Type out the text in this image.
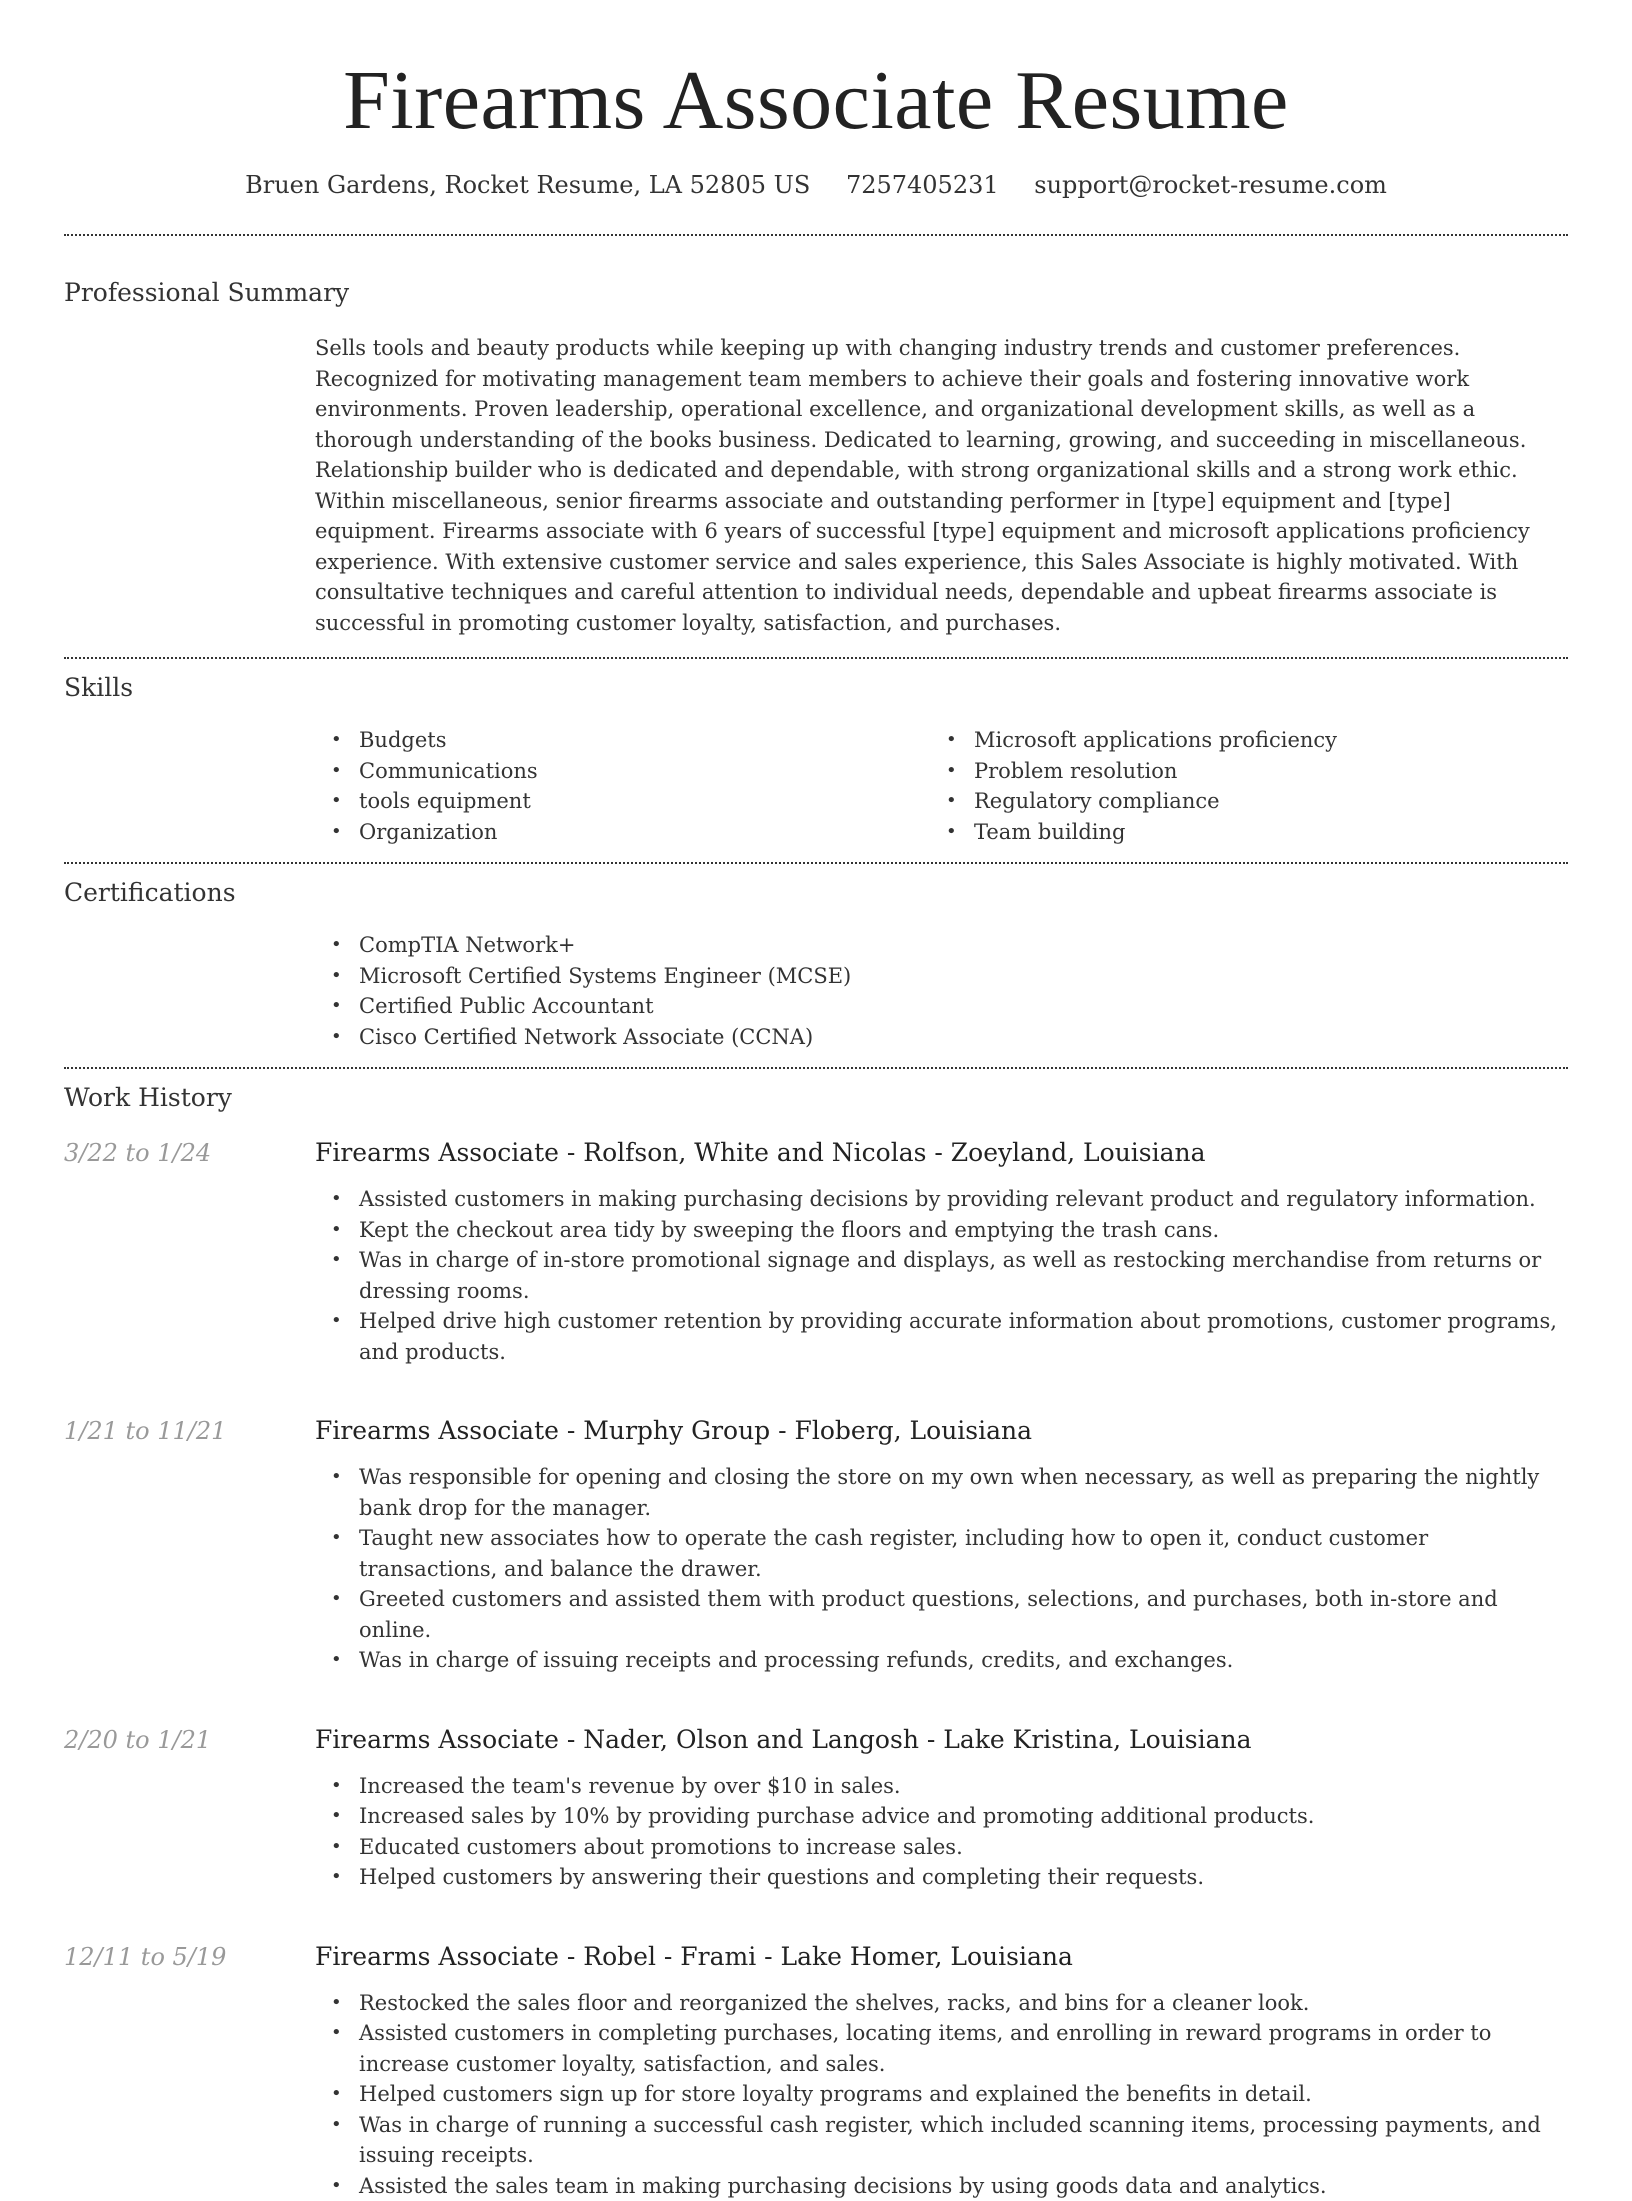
Firearms Associate Resume
Bruen Gardens, Rocket Resume, LA 52805 US 7257405231 support@rocket-resume.com
Professional Summary

Sells tools and beauty products while keeping up with changing industry trends and customer preferences. Recognized for motivating management team members to achieve their goals and fostering innovative work environments. Proven leadership, operational excellence, and organizational development skills, as well as a thorough understanding of the books business. Dedicated to learning, growing, and succeeding in miscellaneous. Relationship builder who is dedicated and dependable, with strong organizational skills and a strong work ethic. Within miscellaneous, senior firearms associate and outstanding performer in [type] equipment and [type] equipment. Firearms associate with 6 years of successful [type] equipment and microsoft applications proficiency experience. With extensive customer service and sales experience, this Sales Associate is highly motivated. With consultative techniques and careful attention to individual needs, dependable and upbeat firearms associate is successful in promoting customer loyalty, satisfaction, and purchases.

Skills
• Budgets
• Communications
• tools equipment
• Organization
• Microsoft applications proficiency
• Problem resolution
• Regulatory compliance
• Team building
Certifications
• CompTIA Network+
• Microsoft Certified Systems Engineer (MCSE)
• Certified Public Accountant
• Cisco Certified Network Associate (CCNA)
Work History
3/22 to 1/24	Firearms Associate - Rolfson, White and Nicolas - Zoeyland, Louisiana
• Assisted customers in making purchasing decisions by providing relevant product and regulatory information.
• Kept the checkout area tidy by sweeping the floors and emptying the trash cans.
• Was in charge of in-store promotional signage and displays, as well as restocking merchandise from returns or dressing rooms.
• Helped drive high customer retention by providing accurate information about promotions, customer programs, and products.
1/21 to 11/21	Firearms Associate - Murphy Group - Floberg, Louisiana
• Was responsible for opening and closing the store on my own when necessary, as well as preparing the nightly bank drop for the manager.
• Taught new associates how to operate the cash register, including how to open it, conduct customer transactions, and balance the drawer.
• Greeted customers and assisted them with product questions, selections, and purchases, both in-store and online.
• Was in charge of issuing receipts and processing refunds, credits, and exchanges.
2/20 to 1/21	Firearms Associate - Nader, Olson and Langosh - Lake Kristina, Louisiana
• Increased the team's revenue by over $10 in sales.
• Increased sales by 10% by providing purchase advice and promoting additional products.
• Educated customers about promotions to increase sales.
• Helped customers by answering their questions and completing their requests.
12/11 to 5/19	Firearms Associate - Robel - Frami - Lake Homer, Louisiana
• Restocked the sales floor and reorganized the shelves, racks, and bins for a cleaner look.
• Assisted customers in completing purchases, locating items, and enrolling in reward programs in order to increase customer loyalty, satisfaction, and sales.
• Helped customers sign up for store loyalty programs and explained the benefits in detail.
• Was in charge of running a successful cash register, which included scanning items, processing payments, and issuing receipts.
• Assisted the sales team in making purchasing decisions by using goods data and analytics.
